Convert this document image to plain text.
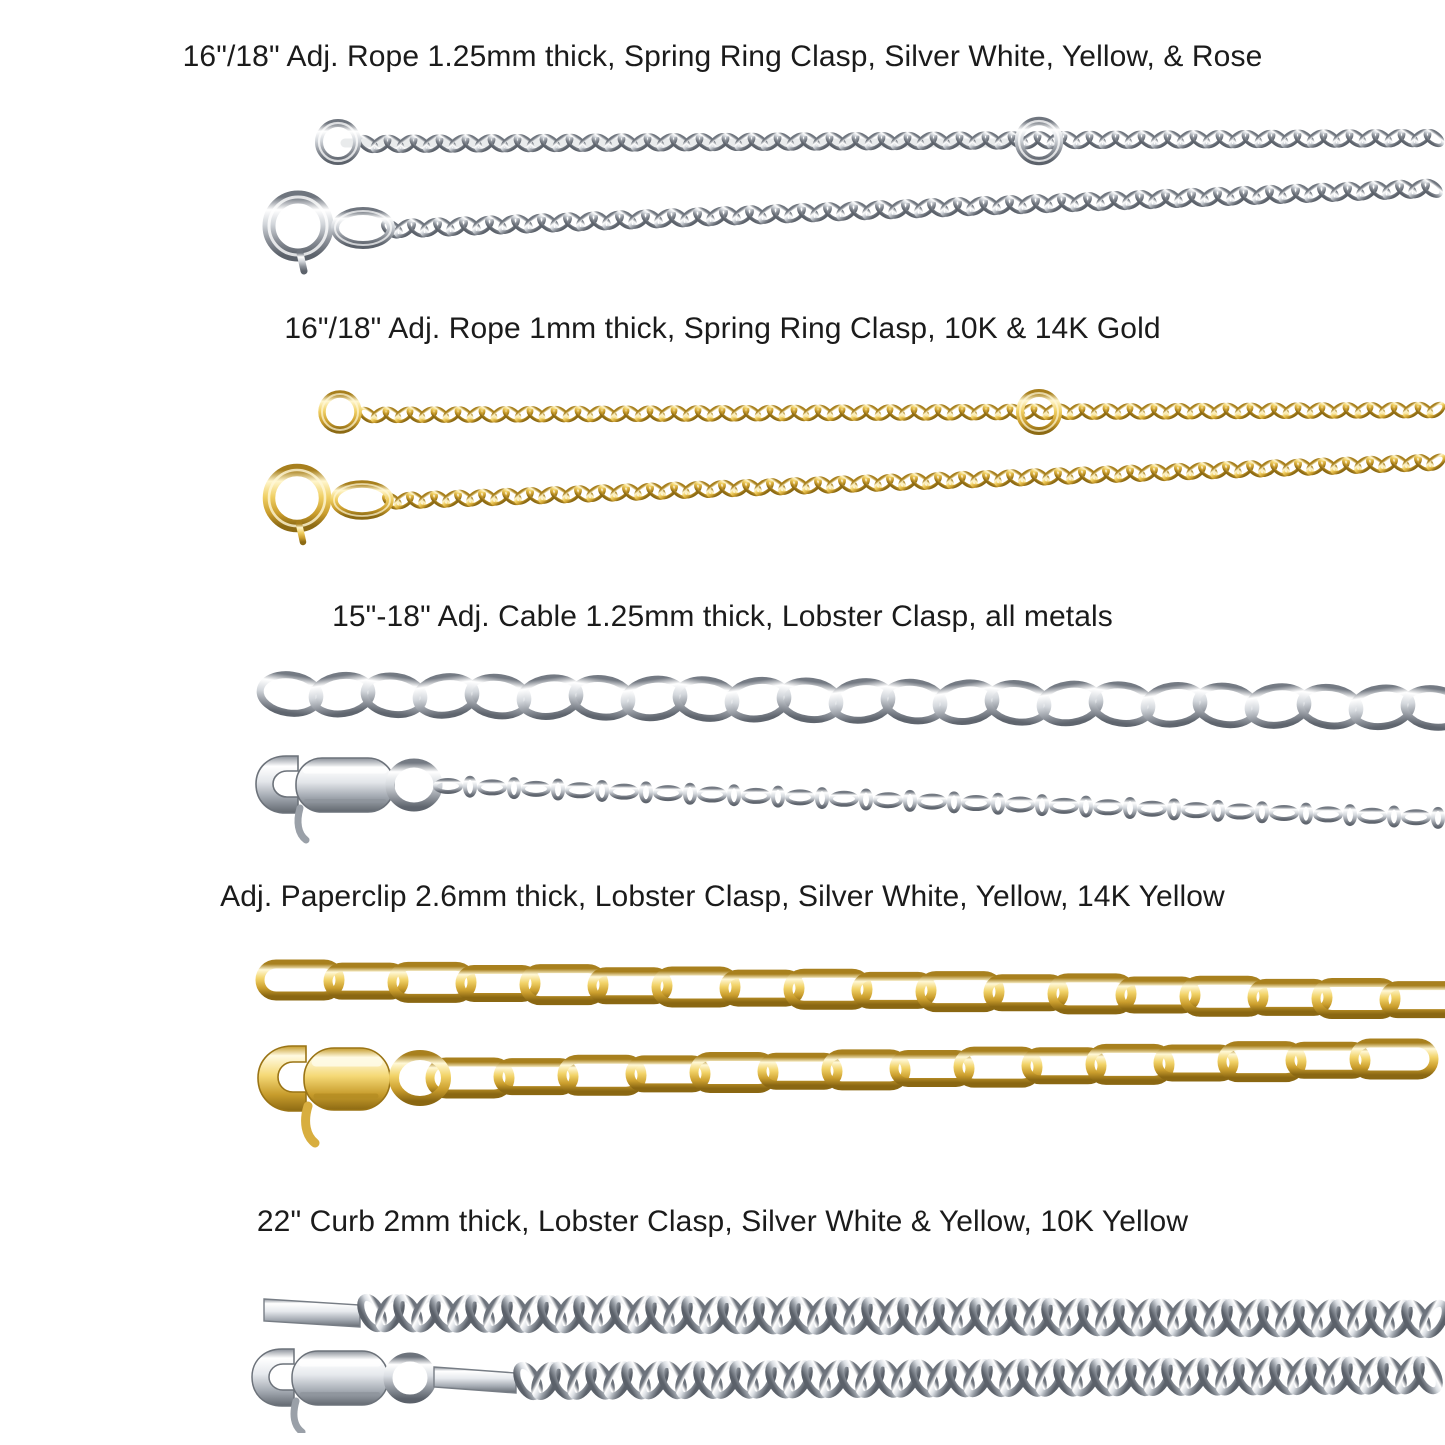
16"/18" Adj. Rope 1.25mm thick, Spring Ring Clasp, Silver White, Yellow, & Rose
16"/18" Adj. Rope 1mm thick, Spring Ring Clasp, 10K & 14K Gold
15"-18" Adj. Cable 1.25mm thick, Lobster Clasp, all metals
Adj. Paperclip 2.6mm thick, Lobster Clasp, Silver White, Yellow, 14K Yellow
22" Curb 2mm thick, Lobster Clasp, Silver White & Yellow, 10K Yellow
